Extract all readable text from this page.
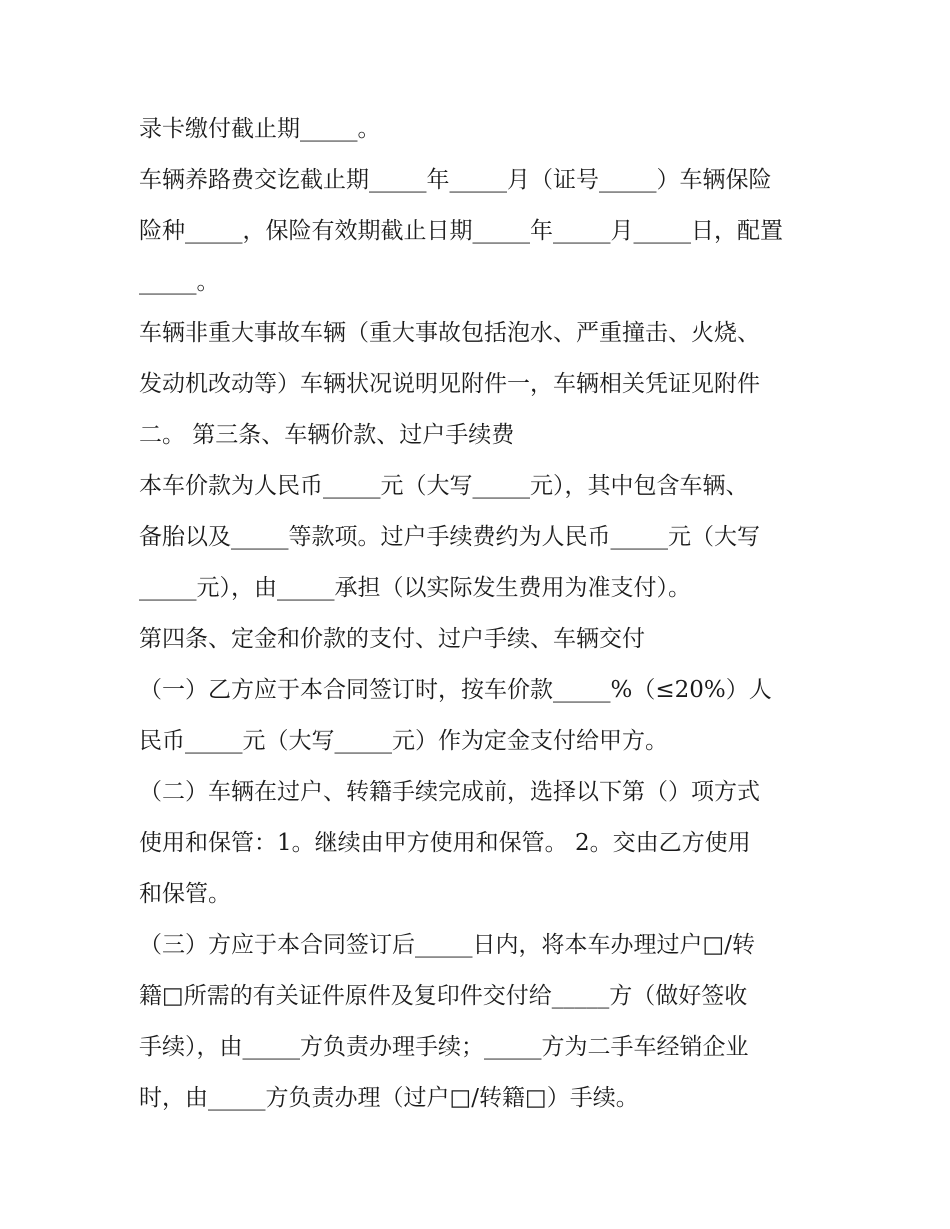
录卡缴付截止期_____。
车辆养路费交讫截止期_____年_____月（证号_____）车辆保险
险种_____，保险有效期截止日期_____年_____月_____日，配置
_____。
车辆非重大事故车辆（重大事故包括泡水、严重撞击、火烧、
发动机改动等）车辆状况说明见附件一，车辆相关凭证见附件
二。 第三条、车辆价款、过户手续费
本车价款为人民币_____元（大写_____元），其中包含车辆、
备胎以及_____等款项。过户手续费约为人民币_____元（大写
_____元），由_____承担（以实际发生费用为准支付）。
第四条、定金和价款的支付、过户手续、车辆交付
（一）乙方应于本合同签订时，按车价款_____%（≤20%）人
民币_____元（大写_____元）作为定金支付给甲方。
（二）车辆在过户、转籍手续完成前，选择以下第（）项方式
使用和保管：1。继续由甲方使用和保管。 2。交由乙方使用
和保管。
（三）方应于本合同签订后_____日内，将本车办理过户□/转
籍□所需的有关证件原件及复印件交付给_____方（做好签收
手续），由_____方负责办理手续；_____方为二手车经销企业
时，由_____方负责办理（过户□/转籍□）手续。
